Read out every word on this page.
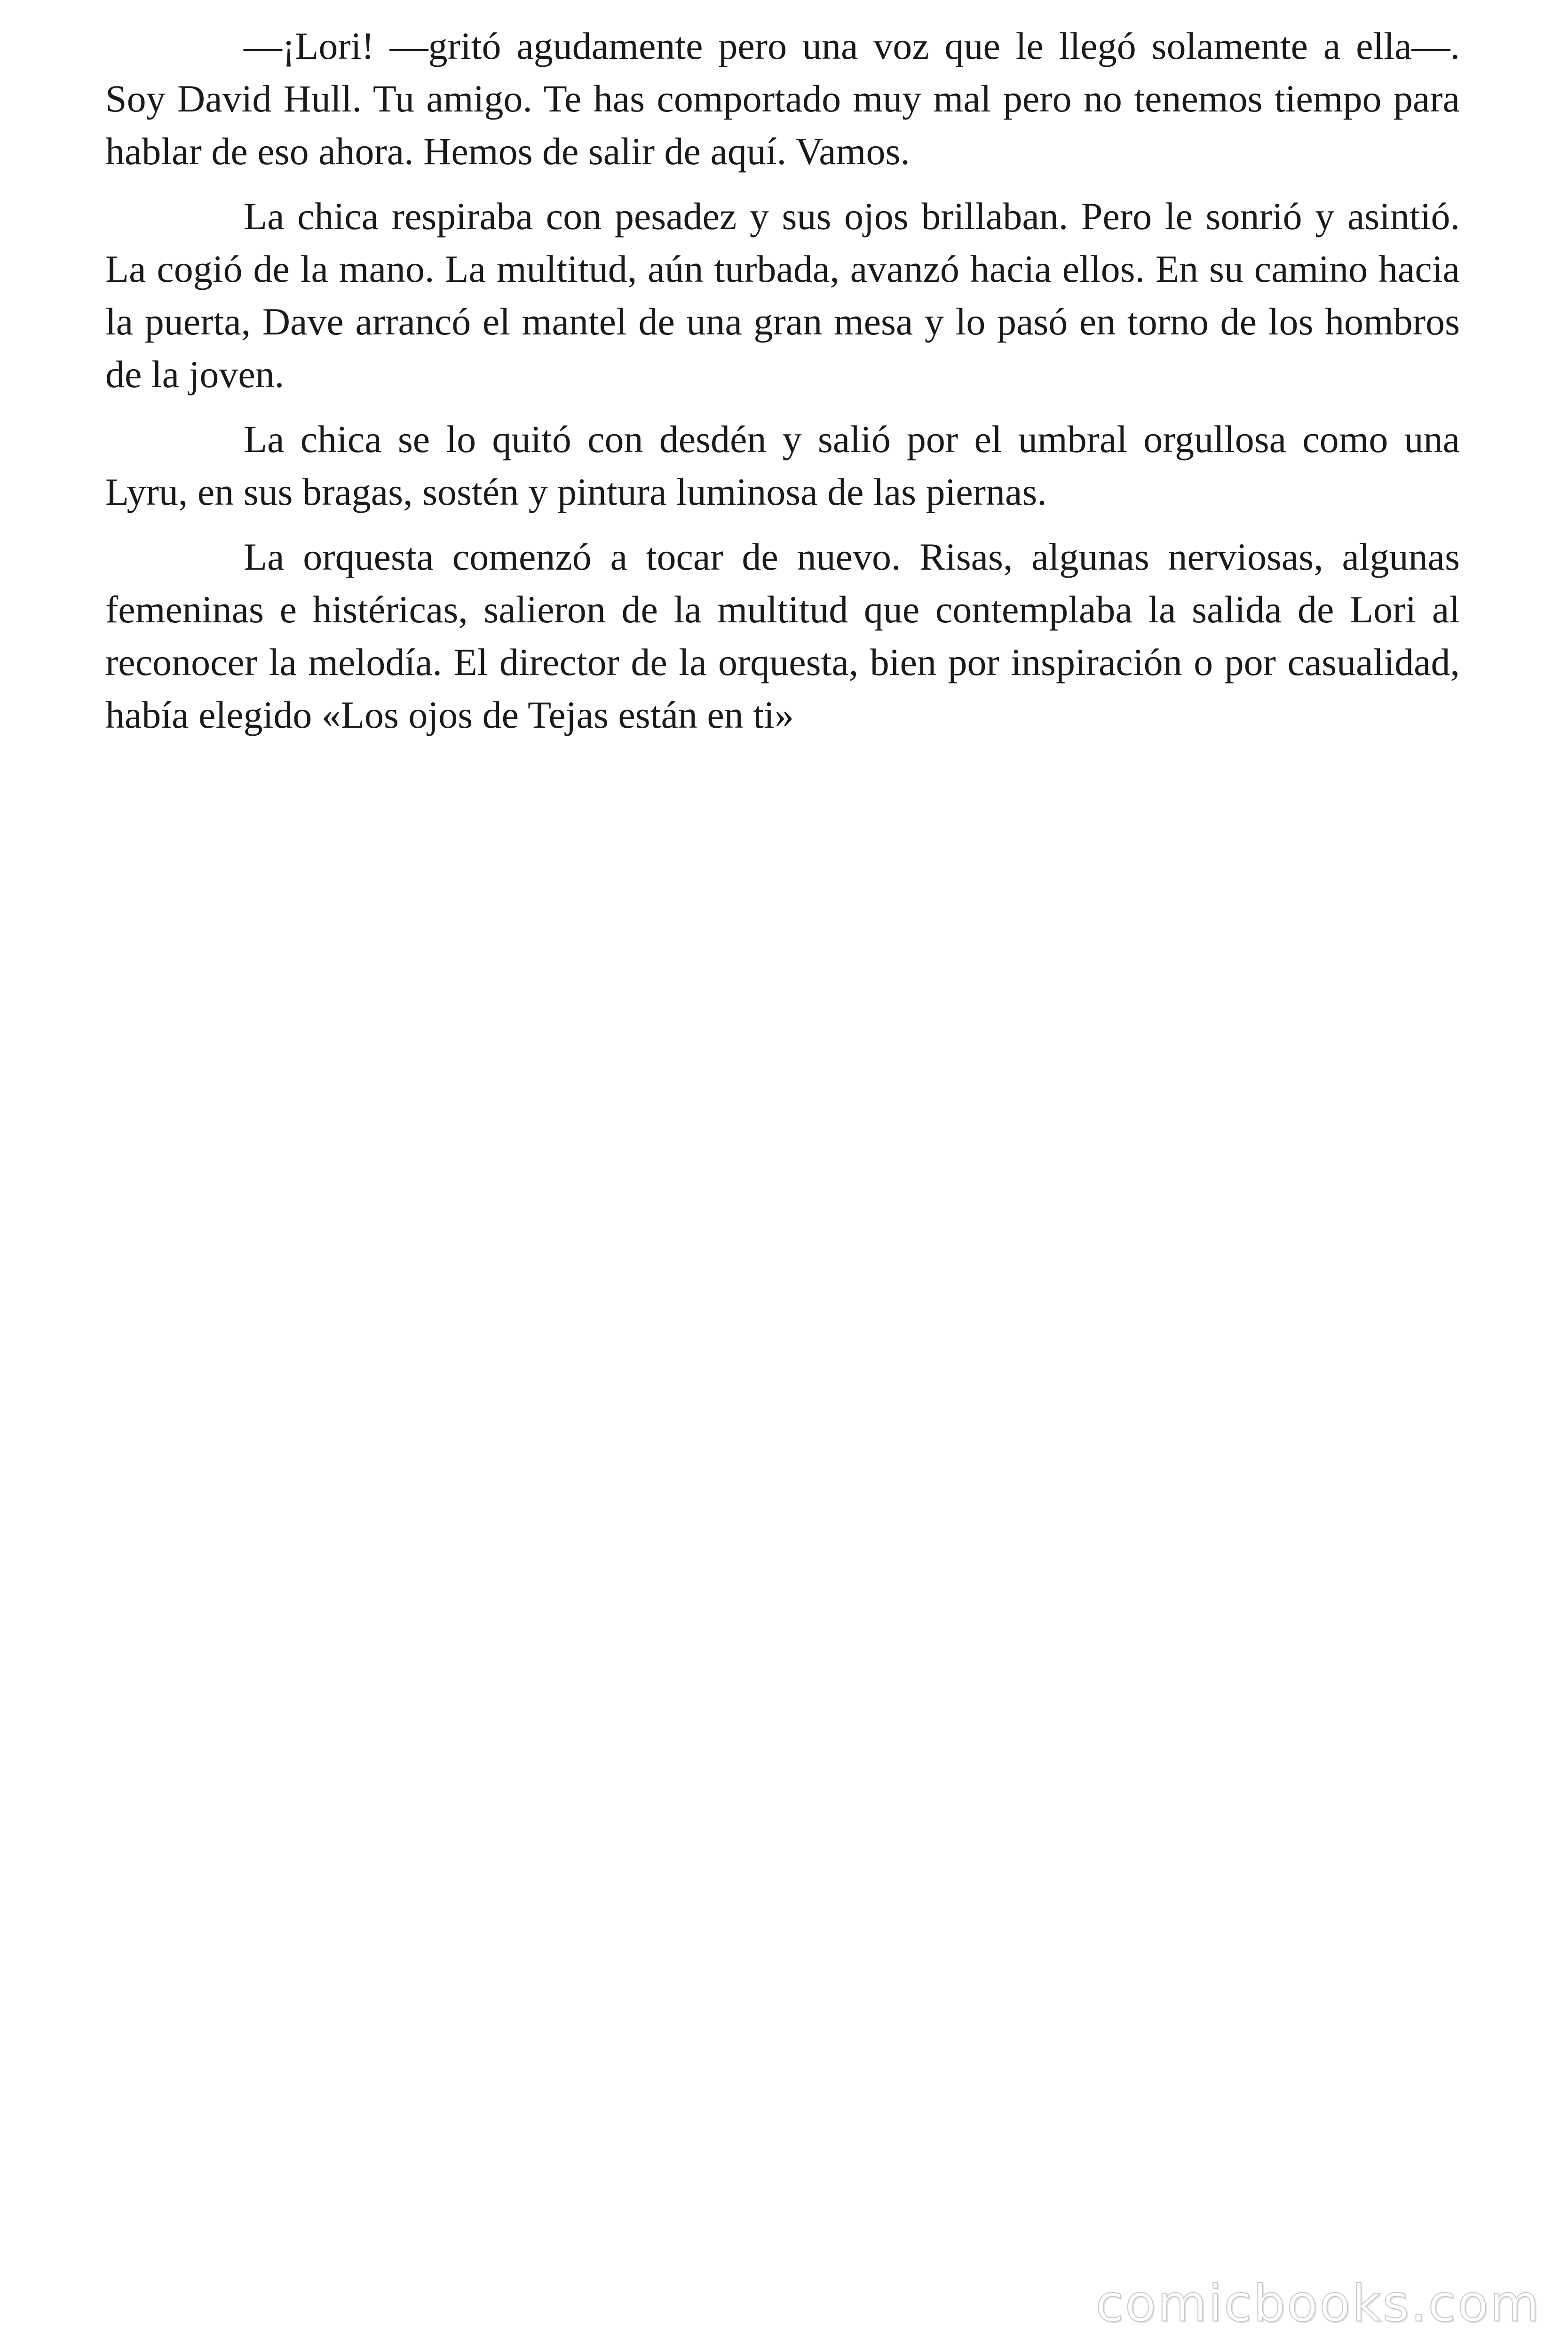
—¡Lori! —gritó agudamente pero una voz que le llegó solamente a ella—. Soy David Hull. Tu amigo. Te has comportado muy mal pero no tenemos tiempo para hablar de eso ahora. Hemos de salir de aquí. Vamos.

La chica respiraba con pesadez y sus ojos brillaban. Pero le sonrió y asintió. La cogió de la mano. La multitud, aún turbada, avanzó hacia ellos. En su camino hacia la puerta, Dave arrancó el mantel de una gran mesa y lo pasó en torno de los hombros de la joven.

La chica se lo quitó con desdén y salió por el umbral orgullosa como una Lyru, en sus bragas, sostén y pintura luminosa de las piernas.

La orquesta comenzó a tocar de nuevo. Risas, algunas nerviosas, algunas femeninas e histéricas, salieron de la multitud que contemplaba la salida de Lori al reconocer la melodía. El director de la orquesta, bien por inspiración o por casualidad, había elegido «Los ojos de Tejas están en ti»

comicbooks.com
